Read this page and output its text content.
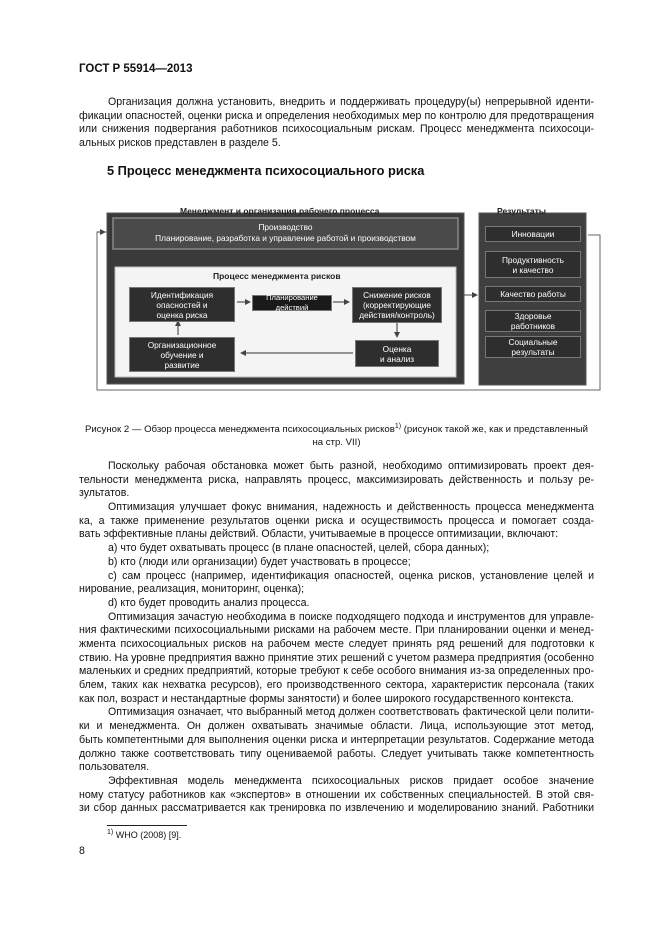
ГОСТ Р 55914—2013
Организация должна установить, внедрить и поддерживать процедуру(ы) непрерывной иденти-
фикации опасностей, оценки риска и определения необходимых мер по контролю для предотвращения
или снижения подвергания работников психосоциальным рискам. Процесс менеджмента психосоци-
альных рисков представлен в разделе 5.
5 Процесс менеджмента психосоциального риска
Менеджмент и организация рабочего процесса	Результаты
Производство
Планирование, разработка и управление работой и производством
Процесс менеджмента рисков
Идентификация
опасностей и
оценка риска
Планирование действий
Снижение рисков
(корректирующие
действия/контроль)
Организационное
обучение и
развитие
Оценка
и анализ
Инновации
Продуктивность
и качество
Качество работы
Здоровье
работников
Социальные
результаты
Рисунок 2 — Обзор процесса менеджмента психосоциальных рисков$^{1)}$ (рисунок такой же, как и представленный
на стр. VII)
Поскольку рабочая обстановка может быть разной, необходимо оптимизировать проект дея-
тельности менеджмента риска, направлять процесс, максимизировать действенность и пользу ре-
зультатов.
Оптимизация улучшает фокус внимания, надежность и действенность процесса менеджмента
ка, а также применение результатов оценки риска и осуществимость процесса и помогает созда-
вать эффективные планы действий. Области, учитываемые в процессе оптимизации, включают:
а) что будет охватывать процесс (в плане опасностей, целей, сбора данных);
b) кто (люди или организации) будет участвовать в процессе;
с) сам процесс (например, идентификация опасностей, оценка рисков, установление целей и
нирование, реализация, мониторинг, оценка);
d) кто будет проводить анализ процесса.
Оптимизация зачастую необходима в поиске подходящего подхода и инструментов для управле-
ния фактическими психосоциальными рисками на рабочем месте. При планировании оценки и менед-
жмента психосоциальных рисков на рабочем месте следует принять ряд решений для подготовки к
ствию. На уровне предприятия важно принятие этих решений с учетом размера предприятия (особенно
маленьких и средних предприятий, которые требуют к себе особого внимания из-за определенных про-
блем, таких как нехватка ресурсов), его производственного сектора, характеристик персонала (таких
как пол, возраст и нестандартные формы занятости) и более широкого государственного контекста.
Оптимизация означает, что выбранный метод должен соответствовать фактической цели полити-
ки и менеджмента. Он должен охватывать значимые области. Лица, использующие этот метод,
быть компетентными для выполнения оценки риска и интерпретации результатов. Содержание метода
должно также соответствовать типу оцениваемой работы. Следует учитывать также компетентность
пользователя.
Эффективная модель менеджмента психосоциальных рисков придает особое значение
ному статусу работников как «экспертов» в отношении их собственных специальностей. В этой свя-
зи сбор данных рассматривается как тренировка по извлечению и моделированию знаний. Работники
$^{1)}$ WHO (2008) [9].
8
